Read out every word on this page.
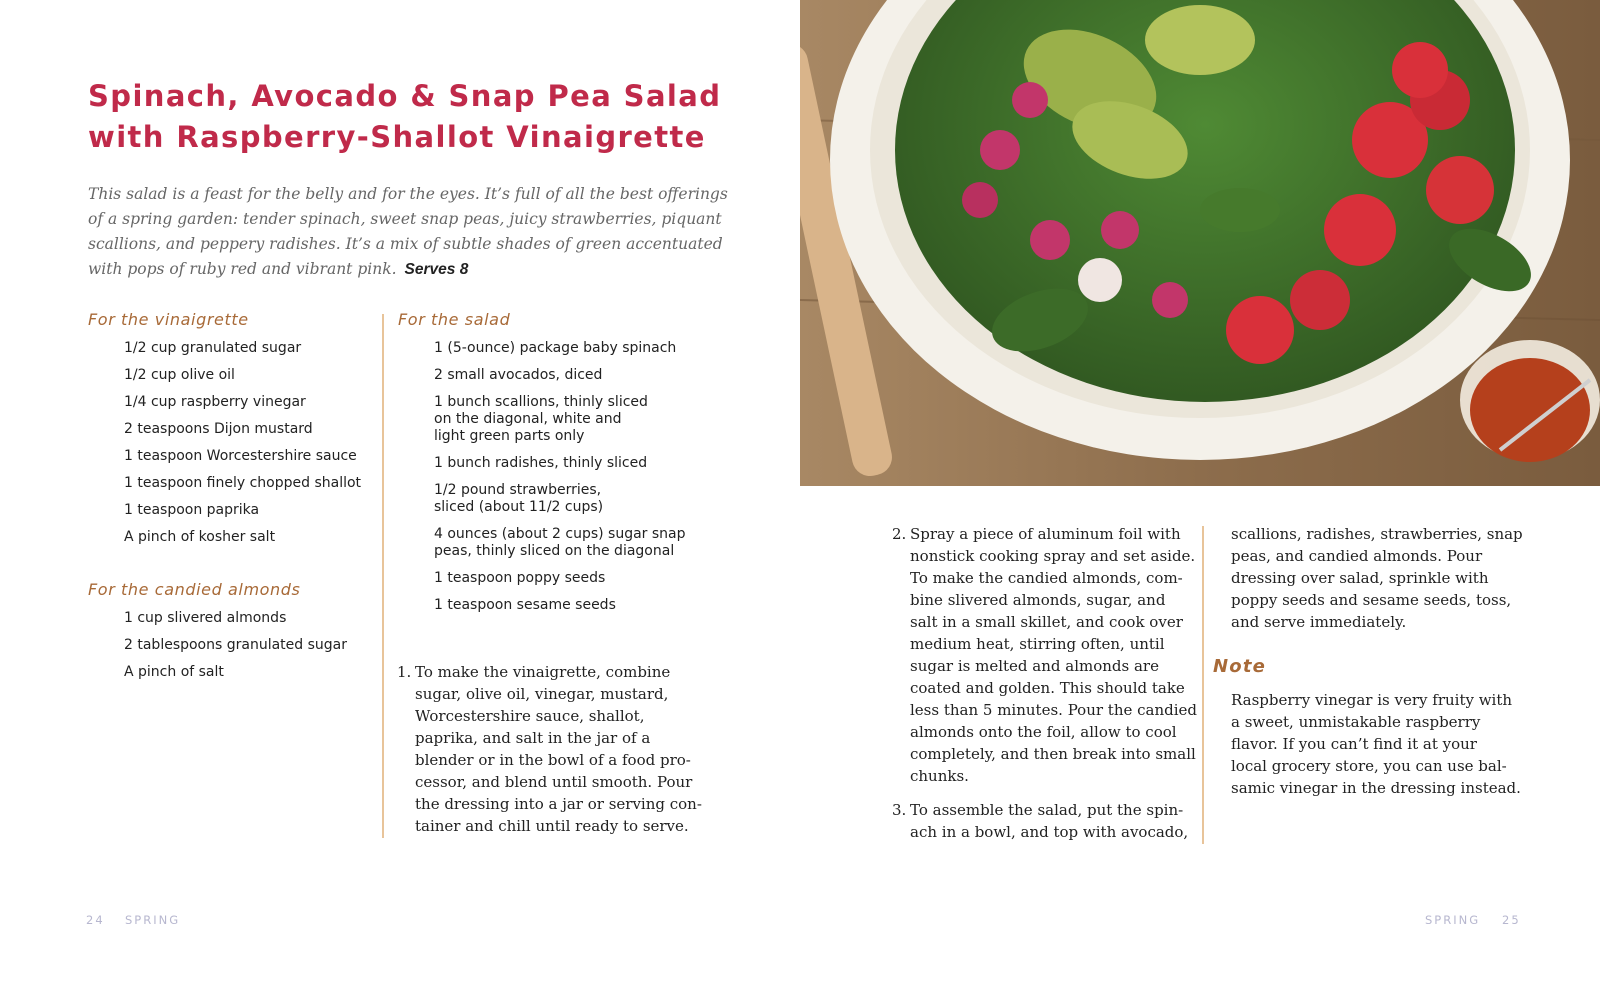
Spinach, Avocado & Snap Pea Salad
with Raspberry-Shallot Vinaigrette
This salad is a feast for the belly and for the eyes. It’s full of all the best offerings
of a spring garden: tender spinach, sweet snap peas, juicy strawberries, piquant
scallions, and peppery radishes. It’s a mix of subtle shades of green accentuated
with pops of ruby red and vibrant pink. Serves 8
For the vinaigrette
1/2 cup granulated sugar
1/2 cup olive oil
1/4 cup raspberry vinegar
2 teaspoons Dijon mustard
1 teaspoon Worcestershire sauce
1 teaspoon finely chopped shallot
1 teaspoon paprika
A pinch of kosher salt
For the candied almonds
1 cup slivered almonds
2 tablespoons granulated sugar
A pinch of salt
For the salad
1 (5-ounce) package baby spinach
2 small avocados, diced
1 bunch scallions, thinly sliced
on the diagonal, white and
light green parts only
1 bunch radishes, thinly sliced
1/2 pound strawberries,
sliced (about 11/2 cups)
4 ounces (about 2 cups) sugar snap
peas, thinly sliced on the diagonal
1 teaspoon poppy seeds
1 teaspoon sesame seeds

1. To make the vinaigrette, combine
sugar, olive oil, vinegar, mustard,
Worcestershire sauce, shallot,
paprika, and salt in the jar of a
blender or in the bowl of a food pro-
cessor, and blend until smooth. Pour
the dressing into a jar or serving con-
tainer and chill until ready to serve.

2. Spray a piece of aluminum foil with
nonstick cooking spray and set aside.
To make the candied almonds, com-
bine slivered almonds, sugar, and
salt in a small skillet, and cook over
medium heat, stirring often, until
sugar is melted and almonds are
coated and golden. This should take
less than 5 minutes. Pour the candied
almonds onto the foil, allow to cool
completely, and then break into small
chunks.

3. To assemble the salad, put the spin-
ach in a bowl, and top with avocado,

scallions, radishes, strawberries, snap
peas, and candied almonds. Pour
dressing over salad, sprinkle with
poppy seeds and sesame seeds, toss,
and serve immediately.

Note

Raspberry vinegar is very fruity with
a sweet, unmistakable raspberry
flavor. If you can’t find it at your
local grocery store, you can use bal-
samic vinegar in the dressing instead.

24 SPRING	SPRING 25
